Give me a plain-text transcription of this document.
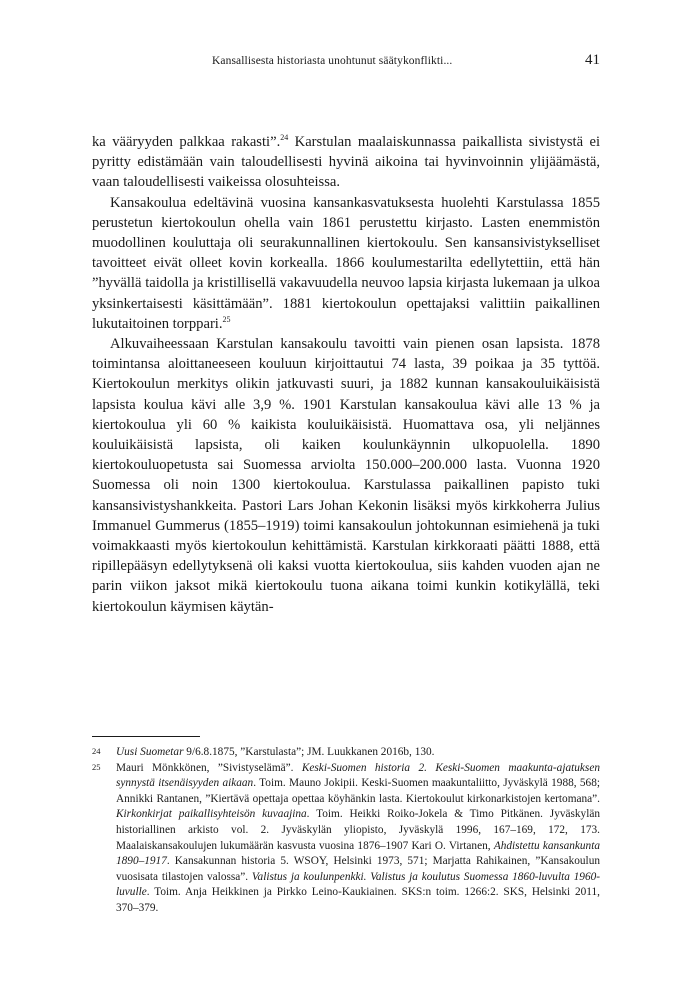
Kansallisesta historiasta unohtunut säätykonflikti...	41

ka vääryyden palkkaa rakasti”.$^{24}$ Karstulan maalaiskunnassa paikallista sivistystä ei pyritty edistämään vain taloudellisesti hyvinä aikoina tai hyvinvoinnin ylijäämästä, vaan taloudellisesti vaikeissa olosuhteissa.

Kansakoulua edeltävinä vuosina kansankasvatuksesta huolehti Karstulassa 1855 perustetun kiertokoulun ohella vain 1861 perustettu kirjasto. Lasten enemmistön muodollinen kouluttaja oli seurakunnallinen kiertokoulu. Sen kansansivistykselliset tavoitteet eivät olleet kovin korkealla. 1866 koulumestarilta edellytettiin, että hän ”hyvällä taidolla ja kristillisellä vakavuudella neuvoo lapsia kirjasta lukemaan ja ulkoa yksinkertaisesti käsittämään”. 1881 kiertokoulun opettajaksi valittiin paikallinen lukutaitoinen torppari.$^{25}$

Alkuvaiheessaan Karstulan kansakoulu tavoitti vain pienen osan lapsista. 1878 toimintansa aloittaneeseen kouluun kirjoittautui 74 lasta, 39 poikaa ja 35 tyttöä. Kiertokoulun merkitys olikin jatkuvasti suuri, ja 1882 kunnan kansakouluikäisistä lapsista koulua kävi alle 3,9 %. 1901 Karstulan kansakoulua kävi alle 13 % ja kiertokoulua yli 60 % kaikista kouluikäisistä. Huomattava osa, yli neljännes kouluikäisistä lapsista, oli kaiken koulunkäynnin ulkopuolella. 1890 kiertokouluopetusta sai Suomessa arviolta 150.000–200.000 lasta. Vuonna 1920 Suomessa oli noin 1300 kiertokoulua. Karstulassa paikallinen papisto tuki kansansivistyshankkeita. Pastori Lars Johan Kekonin lisäksi myös kirkkoherra Julius Immanuel Gummerus (1855–1919) toimi kansakoulun johtokunnan esimiehenä ja tuki voimakkaasti myös kiertokoulun kehittämistä. Karstulan kirkkoraati päätti 1888, että ripillepääsyn edellytyksenä oli kaksi vuotta kiertokoulua, siis kahden vuoden ajan ne parin viikon jaksot mikä kiertokoulu tuona aikana toimi kunkin kotikylällä, teki kiertokoulun käymisen käytän-

24 Uusi Suometar 9/6.8.1875, ”Karstulasta”; JM. Luukkanen 2016b, 130.
25 Mauri Mönkkönen, ”Sivistyselämä”. Keski-Suomen historia 2. Keski-Suomen maakunta-ajatuksen synnystä itsenäisyyden aikaan. Toim. Mauno Jokipii. Keski-Suomen maakuntaliitto, Jyväskylä 1988, 568; Annikki Rantanen, ”Kiertävä opettaja opettaa köyhänkin lasta. Kiertokoulut kirkonarkistojen kertomana”. Kirkonkirjat paikallisyhteisön kuvaajina. Toim. Heikki Roiko-Jokela & Timo Pitkänen. Jyväskylän historiallinen arkisto vol. 2. Jyväskylän yliopisto, Jyväskylä 1996, 167–169, 172, 173. Maalaiskansakoulujen lukumäärän kasvusta vuosina 1876–1907 Kari O. Virtanen, Ahdistettu kansankunta 1890–1917. Kansakunnan historia 5. WSOY, Helsinki 1973, 571; Marjatta Rahikainen, ”Kansakoulun vuosisata tilastojen valossa”. Valistus ja koulunpenkki. Valistus ja koulutus Suomessa 1860-luvulta 1960-luvulle. Toim. Anja Heikkinen ja Pirkko Leino-Kaukiainen. SKS:n toim. 1266:2. SKS, Helsinki 2011, 370–379.
